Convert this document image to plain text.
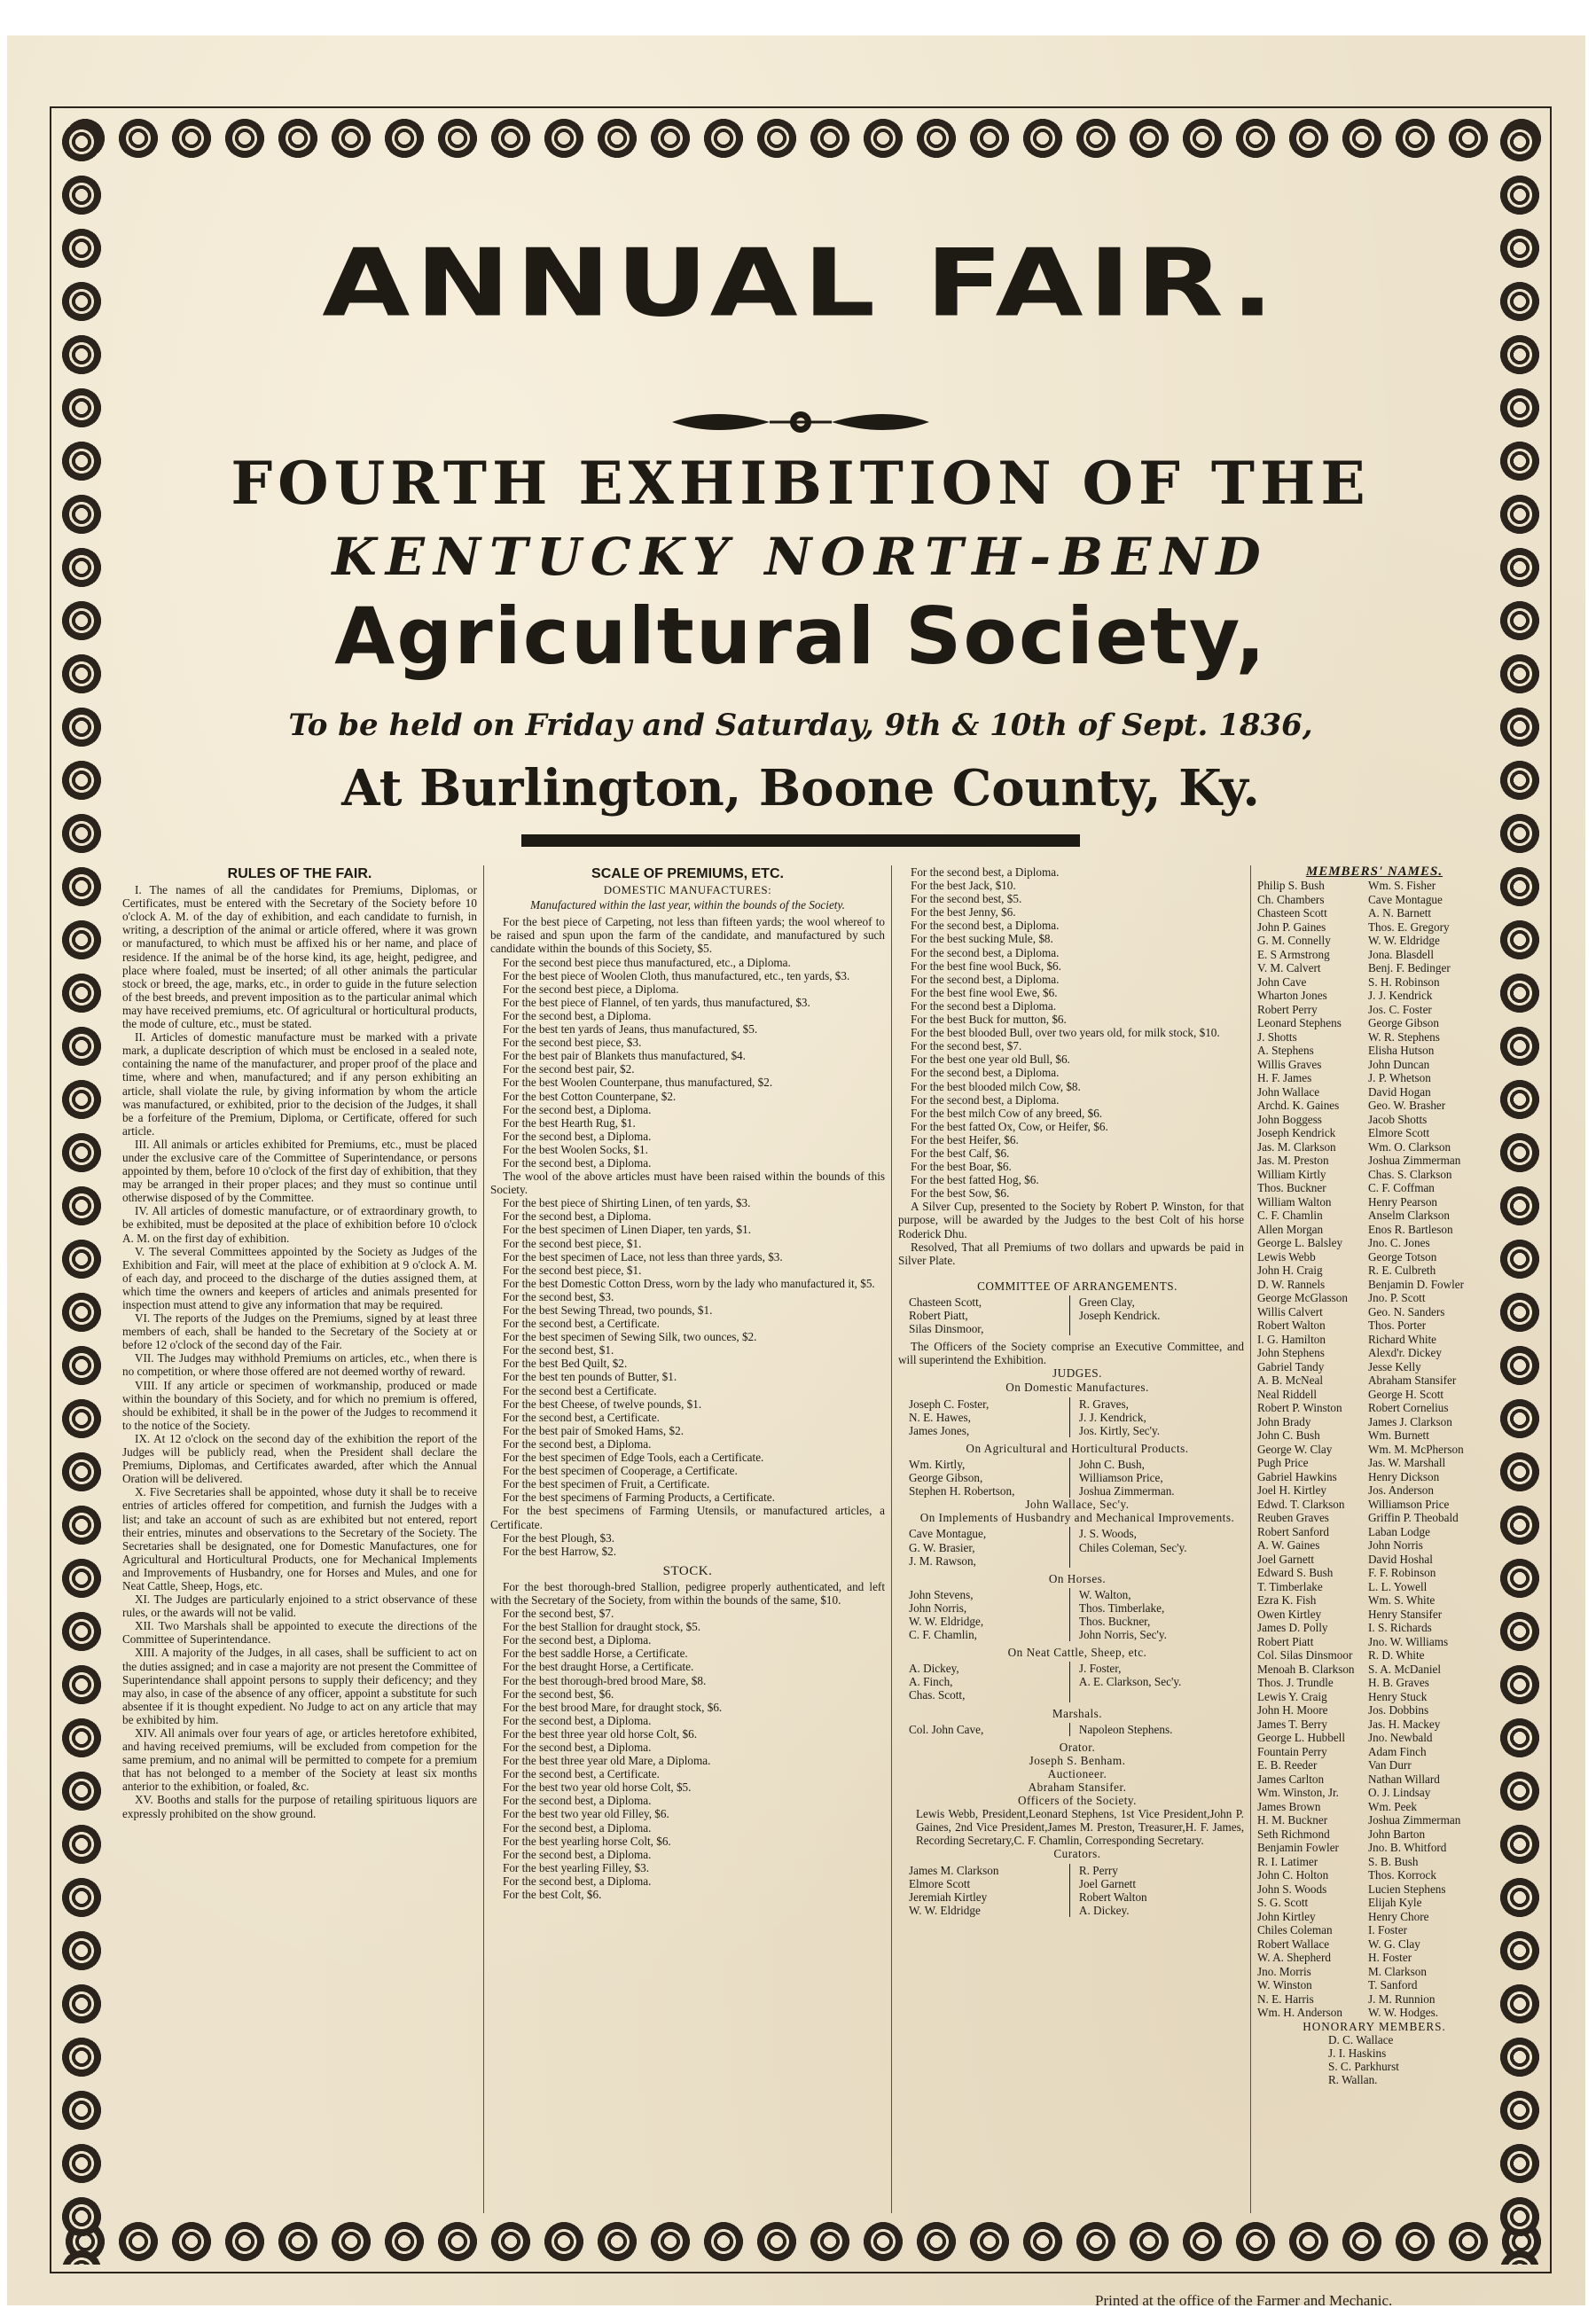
ANNUAL FAIR.
FOURTH EXHIBITION OF THE
KENTUCKY NORTH-BEND
Agricultural Society,
To be held on Friday and Saturday, 9th & 10th of Sept. 1836,
At Burlington, Boone County, Ky.

RULES OF THE FAIR.

I. The names of all the candidates for Premiums, Diplomas, or Certificates, must be entered with the Secretary of the Society before 10 o'clock A. M. of the day of exhibition, and each candidate to furnish, in writing, a description of the animal or article offered, where it was grown or manufactured, to which must be affixed his or her name, and place of residence. If the animal be of the horse kind, its age, height, pedigree, and place where foaled, must be inserted; of all other animals the particular stock or breed, the age, marks, etc., in order to guide in the future selection of the best breeds, and prevent imposition as to the particular animal which may have received premiums, etc. Of agricultural or horticultural products, the mode of culture, etc., must be stated.

II. Articles of domestic manufacture must be marked with a private mark, a duplicate description of which must be enclosed in a sealed note, containing the name of the manufacturer, and proper proof of the place and time, where and when, manufactured; and if any person exhibiting an article, shall violate the rule, by giving information by whom the article was manufactured, or exhibited, prior to the decision of the Judges, it shall be a forfeiture of the Premium, Diploma, or Certificate, offered for such article.

III. All animals or articles exhibited for Premiums, etc., must be placed under the exclusive care of the Committee of Superintendance, or persons appointed by them, before 10 o'clock of the first day of exhibition, that they may be arranged in their proper places; and they must so continue until otherwise disposed of by the Committee.

IV. All articles of domestic manufacture, or of extraordinary growth, to be exhibited, must be deposited at the place of exhibition before 10 o'clock A. M. on the first day of exhibition.

V. The several Committees appointed by the Society as Judges of the Exhibition and Fair, will meet at the place of exhibition at 9 o'clock A. M. of each day, and proceed to the discharge of the duties assigned them, at which time the owners and keepers of articles and animals presented for inspection must attend to give any information that may be required.

VI. The reports of the Judges on the Premiums, signed by at least three members of each, shall be handed to the Secretary of the Society at or before 12 o'clock of the second day of the Fair.

VII. The Judges may withhold Premiums on articles, etc., when there is no competition, or where those offered are not deemed worthy of reward.

VIII. If any article or specimen of workmanship, produced or made within the boundary of this Society, and for which no premium is offered, should be exhibited, it shall be in the power of the Judges to recommend it to the notice of the Society.

IX. At 12 o'clock on the second day of the exhibition the report of the Judges will be publicly read, when the President shall declare the Premiums, Diplomas, and Certificates awarded, after which the Annual Oration will be delivered.

X. Five Secretaries shall be appointed, whose duty it shall be to receive entries of articles offered for competition, and furnish the Judges with a list; and take an account of such as are exhibited but not entered, report their entries, minutes and observations to the Secretary of the Society. The Secretaries shall be designated, one for Domestic Manufactures, one for Agricultural and Horticultural Products, one for Mechanical Implements and Improvements of Husbandry, one for Horses and Mules, and one for Neat Cattle, Sheep, Hogs, etc.

XI. The Judges are particularly enjoined to a strict observance of these rules, or the awards will not be valid.

XII. Two Marshals shall be appointed to execute the directions of the Committee of Superintendance.

XIII. A majority of the Judges, in all cases, shall be sufficient to act on the duties assigned; and in case a majority are not present the Committee of Superintendance shall appoint persons to supply their deficency; and they may also, in case of the absence of any officer, appoint a substitute for such absentee if it is thought expedient. No Judge to act on any article that may be exhibited by him.

XIV. All animals over four years of age, or articles heretofore exhibited, and having received premiums, will be excluded from competion for the same premium, and no animal will be permitted to compete for a premium that has not belonged to a member of the Society at least six months anterior to the exhibition, or foaled, &c.

XV. Booths and stalls for the purpose of retailing spirituous liquors are expressly prohibited on the show ground.

SCALE OF PREMIUMS, ETC.

DOMESTIC MANUFACTURES:

Manufactured within the last year, within the bounds of the Society.

For the best piece of Carpeting, not less than fifteen yards; the wool whereof to be raised and spun upon the farm of the candidate, and manufactured by such candidate within the bounds of this Society, $5.

For the second best piece thus manufactured, etc., a Diploma.

For the best piece of Woolen Cloth, thus manufactured, etc., ten yards, $3.

For the second best piece, a Diploma.

For the best piece of Flannel, of ten yards, thus manufactured, $3.

For the second best, a Diploma.

For the best ten yards of Jeans, thus manufactured, $5.

For the second best piece, $3.

For the best pair of Blankets thus manufactured, $4.

For the second best pair, $2.

For the best Woolen Counterpane, thus manufactured, $2.

For the best Cotton Counterpane, $2.

For the second best, a Diploma.

For the best Hearth Rug, $1.

For the second best, a Diploma.

For the best Woolen Socks, $1.

For the second best, a Diploma.

The wool of the above articles must have been raised within the bounds of this Society.

For the best piece of Shirting Linen, of ten yards, $3.

For the second best, a Diploma.

For the best specimen of Linen Diaper, ten yards, $1.

For the second best piece, $1.

For the best specimen of Lace, not less than three yards, $3.

For the second best piece, $1.

For the best Domestic Cotton Dress, worn by the lady who manufactured it, $5.

For the second best, $3.

For the best Sewing Thread, two pounds, $1.

For the second best, a Certificate.

For the best specimen of Sewing Silk, two ounces, $2.

For the second best, $1.

For the best Bed Quilt, $2.

For the best ten pounds of Butter, $1.

For the second best a Certificate.

For the best Cheese, of twelve pounds, $1.

For the second best, a Certificate.

For the best pair of Smoked Hams, $2.

For the second best, a Diploma.

For the best specimen of Edge Tools, each a Certificate.

For the best specimen of Cooperage, a Certificate.

For the best specimen of Fruit, a Certificate.

For the best specimens of Farming Products, a Certificate.

For the best specimens of Farming Utensils, or manufactured articles, a Certificate.

For the best Plough, $3.

For the best Harrow, $2.

STOCK.

For the best thorough-bred Stallion, pedigree properly authenticated, and left with the Secretary of the Society, from within the bounds of the same, $10.

For the second best, $7.

For the best Stallion for draught stock, $5.

For the second best, a Diploma.

For the best saddle Horse, a Certificate.

For the best draught Horse, a Certificate.

For the best thorough-bred brood Mare, $8.

For the second best, $6.

For the best brood Mare, for draught stock, $6.

For the second best, a Diploma.

For the best three year old horse Colt, $6.

For the second best, a Diploma.

For the best three year old Mare, a Diploma.

For the second best, a Certificate.

For the best two year old horse Colt, $5.

For the second best, a Diploma.

For the best two year old Filley, $6.

For the second best, a Diploma.

For the best yearling horse Colt, $6.

For the second best, a Diploma.

For the best yearling Filley, $3.

For the second best, a Diploma.

For the best Colt, $6.

For the second best, a Diploma.

For the best Jack, $10.

For the second best, $5.

For the best Jenny, $6.

For the second best, a Diploma.

For the best sucking Mule, $8.

For the second best, a Diploma.

For the best fine wool Buck, $6.

For the second best, a Diploma.

For the best fine wool Ewe, $6.

For the second best a Diploma.

For the best Buck for mutton, $6.

For the best blooded Bull, over two years old, for milk stock, $10.

For the second best, $7.

For the best one year old Bull, $6.

For the second best, a Diploma.

For the best blooded milch Cow, $8.

For the second best, a Diploma.

For the best milch Cow of any breed, $6.

For the best fatted Ox, Cow, or Heifer, $6.

For the best Heifer, $6.

For the best Calf, $6.

For the best Boar, $6.

For the best fatted Hog, $6.

For the best Sow, $6.

A Silver Cup, presented to the Society by Robert P. Winston, for that purpose, will be awarded by the Judges to the best Colt of his horse Roderick Dhu.

Resolved, That all Premiums of two dollars and upwards be paid in Silver Plate.

COMMITTEE OF ARRANGEMENTS.

Chasteen Scott,
Robert Piatt,
Silas Dinsmoor,
Green Clay,
Joseph Kendrick.

The Officers of the Society comprise an Executive Committee, and will superintend the Exhibition.

JUDGES.

On Domestic Manufactures.

Joseph C. Foster,
N. E. Hawes,
James Jones,
R. Graves,
J. J. Kendrick,
Jos. Kirtly, Sec'y.

On Agricultural and Horticultural Products.

Wm. Kirtly,
George Gibson,
Stephen H. Robertson,
John C. Bush,
Williamson Price,
Joshua Zimmerman.

John Wallace, Sec'y.

On Implements of Husbandry and Mechanical Improvements.

Cave Montague,
G. W. Brasier,
J. M. Rawson,
J. S. Woods,
Chiles Coleman, Sec'y.

On Horses.

John Stevens,
John Norris,
W. W. Eldridge,
C. F. Chamlin,
W. Walton,
Thos. Timberlake,
Thos. Buckner,
John Norris, Sec'y.

On Neat Cattle, Sheep, etc.

A. Dickey,
A. Finch,
Chas. Scott,
J. Foster,
A. E. Clarkson, Sec'y.

Marshals.

Col. John Cave,	Napoleon Stephens.

Orator.

Joseph S. Benham.

Auctioneer.

Abraham Stansifer.

Officers of the Society.

Lewis Webb, President,Leonard Stephens, 1st Vice President,John P. Gaines, 2nd Vice President,James M. Preston, Treasurer,H. F. James, Recording Secretary,C. F. Chamlin, Corresponding Secretary.

Curators.

James M. Clarkson
Elmore Scott
Jeremiah Kirtley
W. W. Eldridge
R. Perry
Joel Garnett
Robert Walton
A. Dickey.

MEMBERS' NAMES.

Philip S. Bush
Ch. Chambers
Chasteen Scott
John P. Gaines
G. M. Connelly
E. S Armstrong
V. M. Calvert
John Cave
Wharton Jones
Robert Perry
Leonard Stephens
J. Shotts
A. Stephens
Willis Graves
H. F. James
John Wallace
Archd. K. Gaines
John Boggess
Joseph Kendrick
Jas. M. Clarkson
Jas. M. Preston
William Kirtly
Thos. Buckner
William Walton
C. F. Chamlin
Allen Morgan
George L. Balsley
Lewis Webb
John H. Craig
D. W. Rannels
George McGlasson
Willis Calvert
Robert Walton
I. G. Hamilton
John Stephens
Gabriel Tandy
A. B. McNeal
Neal Riddell
Robert P. Winston
John Brady
John C. Bush
George W. Clay
Pugh Price
Gabriel Hawkins
Joel H. Kirtley
Edwd. T. Clarkson
Reuben Graves
Robert Sanford
A. W. Gaines
Joel Garnett
Edward S. Bush
T. Timberlake
Ezra K. Fish
Owen Kirtley
James D. Polly
Robert Piatt
Col. Silas Dinsmoor
Menoah B. Clarkson
Thos. J. Trundle
Lewis Y. Craig
John H. Moore
James T. Berry
George L. Hubbell
Fountain Perry
E. B. Reeder
James Carlton
Wm. Winston, Jr.
James Brown
H. M. Buckner
Seth Richmond
Benjamin Fowler
R. I. Latimer
John C. Holton
John S. Woods
S. G. Scott
John Kirtley
Chiles Coleman
Robert Wallace
W. A. Shepherd
Jno. Morris
W. Winston
N. E. Harris
Wm. H. Anderson
Wm. S. Fisher
Cave Montague
A. N. Barnett
Thos. E. Gregory
W. W. Eldridge
Jona. Blasdell
Benj. F. Bedinger
S. H. Robinson
J. J. Kendrick
Jos. C. Foster
George Gibson
W. R. Stephens
Elisha Hutson
John Duncan
J. P. Whetson
David Hogan
Geo. W. Brasher
Jacob Shotts
Elmore Scott
Wm. O. Clarkson
Joshua Zimmerman
Chas. S. Clarkson
C. F. Coffman
Henry Pearson
Anselm Clarkson
Enos R. Bartleson
Jno. C. Jones
George Totson
R. E. Culbreth
Benjamin D. Fowler
Jno. P. Scott
Geo. N. Sanders
Thos. Porter
Richard White
Alexd'r. Dickey
Jesse Kelly
Abraham Stansifer
George H. Scott
Robert Cornelius
James J. Clarkson
Wm. Burnett
Wm. M. McPherson
Jas. W. Marshall
Henry Dickson
Jos. Anderson
Williamson Price
Griffin P. Theobald
Laban Lodge
John Norris
David Hoshal
F. F. Robinson
L. L. Yowell
Wm. S. White
Henry Stansifer
I. S. Richards
Jno. W. Williams
R. D. White
S. A. McDaniel
H. B. Graves
Henry Stuck
Jos. Dobbins
Jas. H. Mackey
Jno. Newbald
Adam Finch
Van Durr
Nathan Willard
O. J. Lindsay
Wm. Peek
Joshua Zimmerman
John Barton
Jno. B. Whitford
S. B. Bush
Thos. Korrock
Lucien Stephens
Elijah Kyle
Henry Chore
I. Foster
W. G. Clay
H. Foster
M. Clarkson
T. Sanford
J. M. Runnion
W. W. Hodges.

HONORARY MEMBERS.

D. C. Wallace
J. I. Haskins
S. C. Parkhurst
R. Wallan.
Printed at the office of the Farmer and Mechanic.
